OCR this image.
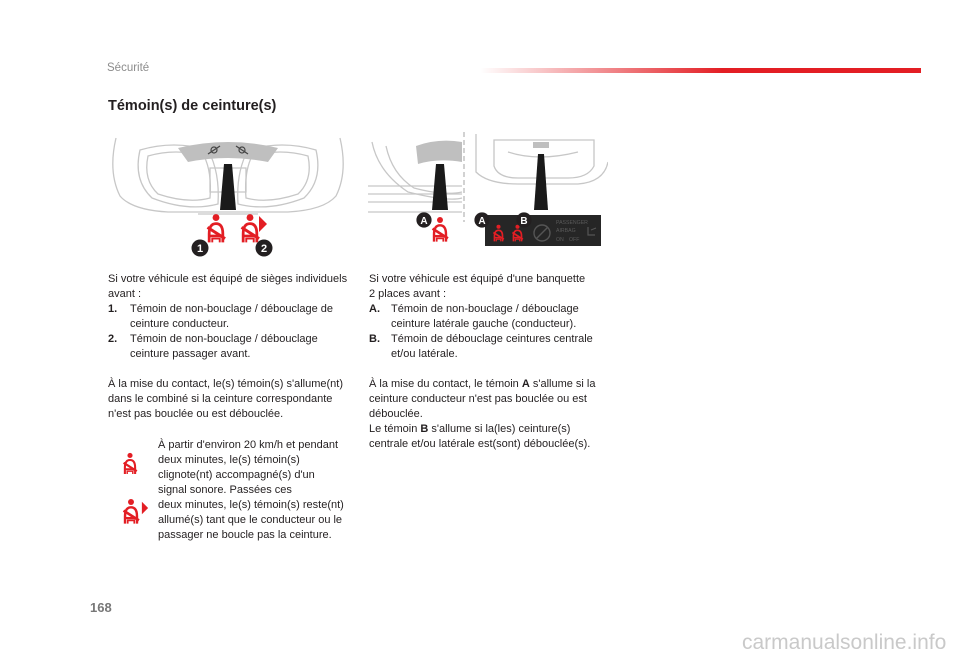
Sécurité
Témoin(s) de ceinture(s)
1	2
A	PASSENGER
AIRBAG
ON OFF
A	B

Si votre véhicule est équipé de sièges individuels avant :

1. Témoin de non-bouclage / débouclage de ceinture conducteur.
2. Témoin de non-bouclage / débouclage ceinture passager avant.
À la mise du contact, le(s) témoin(s) s'allume(nt) dans le combiné si la ceinture correspondante n'est pas bouclée ou est débouclée.
À partir d'environ 20 km/h et pendant
deux minutes, le(s) témoin(s)
clignote(nt) accompagné(s) d'un
signal sonore. Passées ces
deux minutes, le(s) témoin(s) reste(nt)
allumé(s) tant que le conducteur ou le
passager ne boucle pas la ceinture.
Si votre véhicule est équipé d'une banquette
2 places avant :
A. Témoin de non-bouclage / débouclage ceinture latérale gauche (conducteur).
B. Témoin de débouclage ceintures centrale et/ou latérale.

À la mise du contact, le témoin A s'allume si la ceinture conducteur n'est pas bouclée ou est débouclée.

Le témoin B s'allume si la(les) ceinture(s) centrale et/ou latérale est(sont) débouclée(s).

168
carmanualsonline.info
